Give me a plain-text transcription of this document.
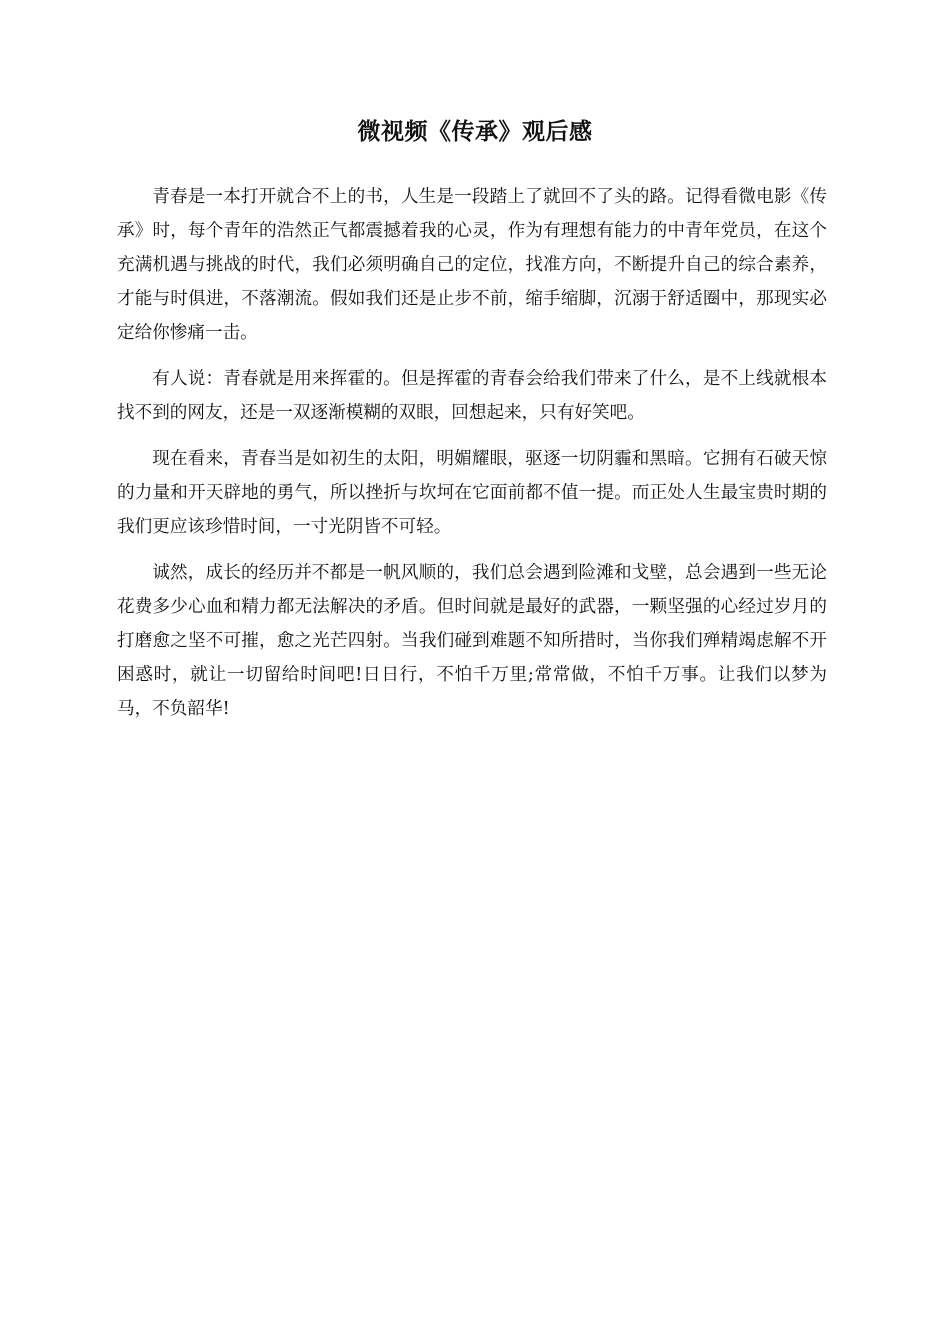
微视频《传承》观后感

青春是一本打开就合不上的书，人生是一段踏上了就回不了头的路。记得看微电影《传承》时，每个青年的浩然正气都震撼着我的心灵，作为有理想有能力的中青年党员，在这个充满机遇与挑战的时代，我们必须明确自己的定位，找准方向，不断提升自己的综合素养，才能与时俱进，不落潮流。假如我们还是止步不前，缩手缩脚，沉溺于舒适圈中，那现实必定给你惨痛一击。

有人说：青春就是用来挥霍的。但是挥霍的青春会给我们带来了什么，是不上线就根本找不到的网友，还是一双逐渐模糊的双眼，回想起来，只有好笑吧。

现在看来，青春当是如初生的太阳，明媚耀眼，驱逐一切阴霾和黑暗。它拥有石破天惊的力量和开天辟地的勇气，所以挫折与坎坷在它面前都不值一提。而正处人生最宝贵时期的我们更应该珍惜时间，一寸光阴皆不可轻。

诚然，成长的经历并不都是一帆风顺的，我们总会遇到险滩和戈壁，总会遇到一些无论花费多少心血和精力都无法解决的矛盾。但时间就是最好的武器，一颗坚强的心经过岁月的打磨愈之坚不可摧，愈之光芒四射。当我们碰到难题不知所措时，当你我们殚精竭虑解不开困惑时，就让一切留给时间吧!日日行，不怕千万里;常常做，不怕千万事。让我们以梦为马，不负韶华!
